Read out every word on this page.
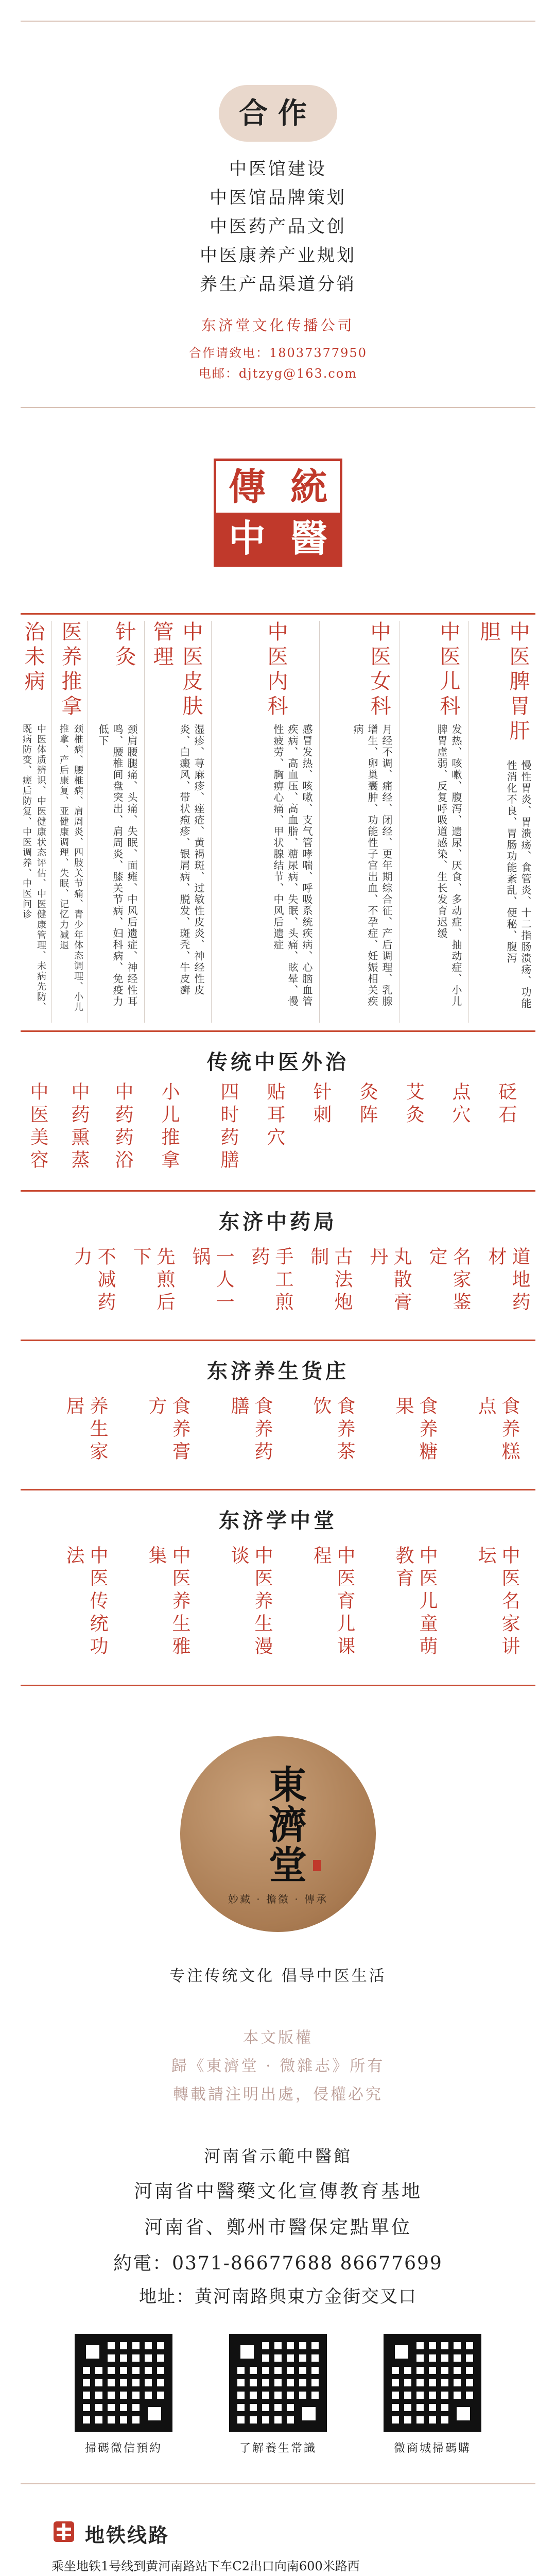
合作
中医馆建设
中医馆品牌策划
中医药产品文创
中医康养产业规划
养生产品渠道分销
东济堂文化传播公司
合作请致电：18037377950
电邮：djtzyg@163.com
傳 統
中 醫
中医脾胃肝胆
慢性胃炎、胃溃疡、食管炎、十二指肠溃疡、功能性消化不良、胃肠功能紊乱、便秘、腹泻
中医儿科
发热、咳嗽、腹泻、遗尿、厌食、多动症、抽动症、小儿脾胃虚弱、反复呼吸道感染、生长发育迟缓
中医女科
月经不调、痛经、闭经、更年期综合征、产后调理、乳腺增生、卵巢囊肿、功能性子宫出血、不孕症、妊娠相关疾病
中医内科
感冒发热、咳嗽、支气管哮喘、呼吸系统疾病、心脑血管疾病、高血压、高血脂、糖尿病、失眠、头痛、眩晕、慢性疲劳、胸痹心痛、甲状腺结节、中风后遗症
中医皮肤管理
湿疹、荨麻疹、痤疮、黄褐斑、过敏性皮炎、神经性皮炎、白癜风、带状疱疹、银屑病、脱发、斑秃、牛皮癣
针灸
颈肩腰腿痛、头痛、失眠、面瘫、中风后遗症、神经性耳鸣、腰椎间盘突出、肩周炎、膝关节病、妇科病、免疫力低下
医养推拿
颈椎病、腰椎病、肩周炎、四肢关节痛、青少年体态调理、小儿推拿、产后康复、亚健康调理、失眠、记忆力减退
治未病
中医体质辨识、中医健康状态评估、中医健康管理、未病先防、既病防变、瘥后防复、中医调养、中医问诊
传统中医外治
砭石
点穴
艾灸
灸阵
针刺
贴耳穴
四时药膳
小儿推拿
中药药浴
中药熏蒸
中医美容
东济中药局
道地药材
名家鉴定
丸散膏丹
古法炮制
手工煎药
一人一锅
先煎后下
不减药力
东济养生货庄
食养糕点
食养糖果
食养茶饮
食养药膳
食养膏方
养生家居
东济学中堂
中医名家讲坛
中医儿童萌教育
中医育儿课程
中医养生漫谈
中医养生雅集
中医传统功法
東濟堂
妙藏 · 擔徵 · 傳承
专注传统文化 倡导中医生活
本文版權
歸《東濟堂 · 微雜志》所有
轉載請注明出處，侵權必究
河南省示範中醫館
河南省中醫藥文化宣傳教育基地
河南省、鄭州市醫保定點單位
約電：0371-86677688 86677699
地址：黄河南路與東方金街交叉口
掃碼微信預約	了解養生常識	微商城掃碼購
地铁线路
乘坐地铁1号线到黄河南路站下车C2出口向南600米路西
